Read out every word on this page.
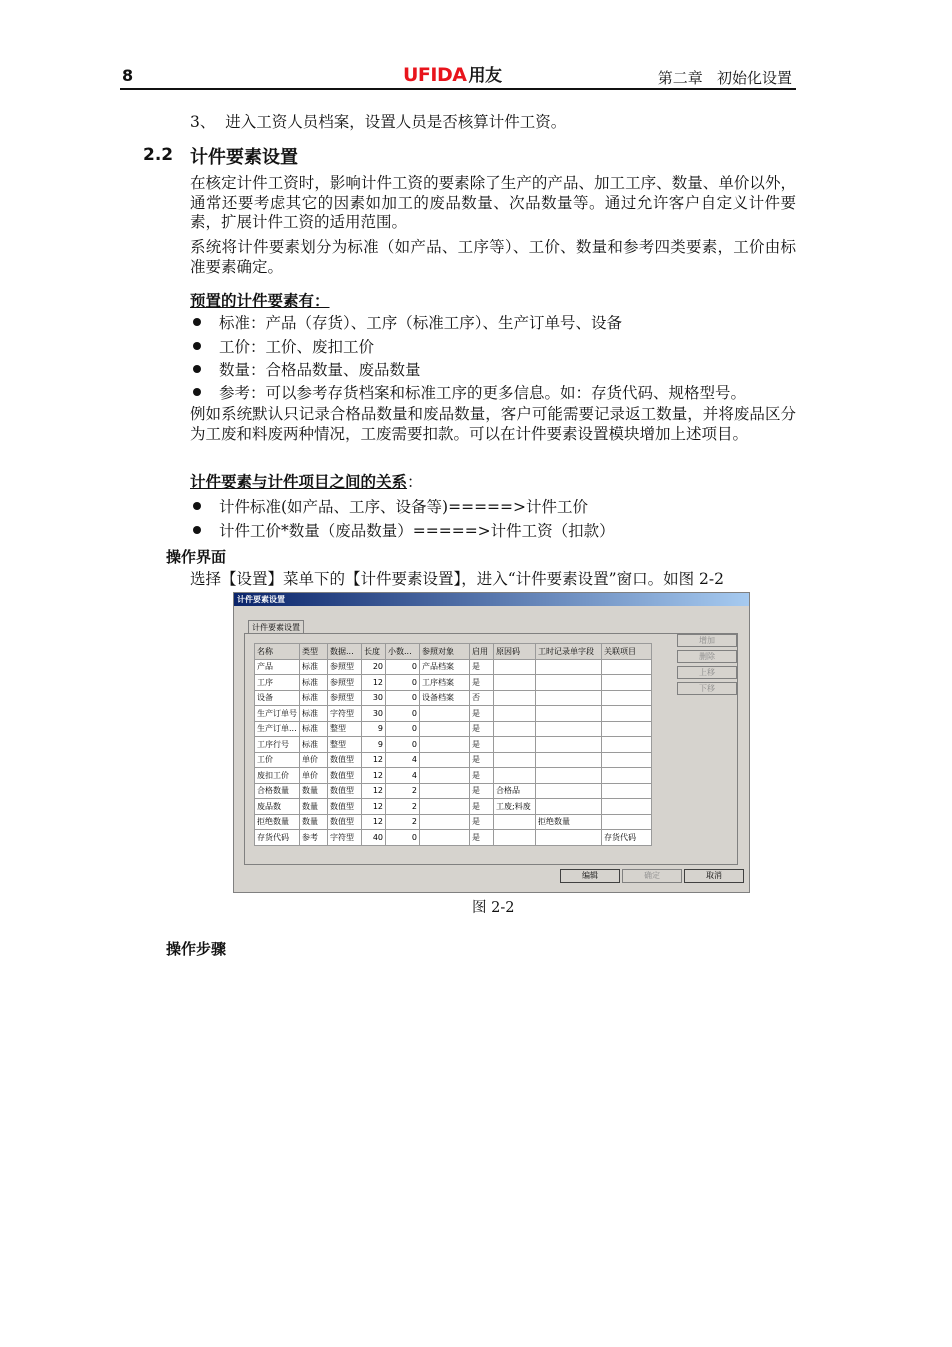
8	UFIDA 用友	第二章   初始化设置
3、  进入工资人员档案，设置人员是否核算计件工资。
2.2 计件要素设置
在核定计件工资时，影响计件工资的要素除了生产的产品、加工工序、数量、单价以外，通常还要考虑其它的因素如加工的废品数量、次品数量等。通过允许客户自定义计件要素，扩展计件工资的适用范围。
系统将计件要素划分为标准（如产品、工序等）、工价、数量和参考四类要素，工价由标准要素确定。
预置的计件要素有：
标准：产品（存货）、工序（标准工序）、生产订单号、设备
工价：工价、废扣工价
数量：合格品数量、废品数量
参考：可以参考存货档案和标准工序的更多信息。如：存货代码、规格型号。
例如系统默认只记录合格品数量和废品数量，客户可能需要记录返工数量，并将废品区分为工废和料废两种情况，工废需要扣款。可以在计件要素设置模块增加上述项目。
计件要素与计件项目之间的关系：
计件标准(如产品、工序、设备等)=====>计件工价
计件工价*数量（废品数量）=====>计件工资（扣款）
操作界面
选择【设置】菜单下的【计件要素设置】，进入“计件要素设置”窗口。如图 2-2
计件要素设置
计件要素设置
名称	类型	数据...	长度	小数...	参照对象	启用	原因码	工时记录单字段	关联项目
产品	标准	参照型	20	0	产品档案	是			
工序	标准	参照型	12	0	工序档案	是			
设备	标准	参照型	30	0	设备档案	否			
生产订单号	标准	字符型	30	0		是			
生产订单...	标准	整型	9	0		是			
工序行号	标准	整型	9	0		是			
工价	单价	数值型	12	4		是			
废扣工价	单价	数值型	12	4		是			
合格数量	数量	数值型	12	2		是	合格品		
废品数	数量	数值型	12	2		是	工废;料废		
拒绝数量	数量	数值型	12	2		是		拒绝数量	
存货代码	参考	字符型	40	0		是			存货代码
增加
删除
上移
下移
编辑	确定	取消
图 2-2
操作步骤
